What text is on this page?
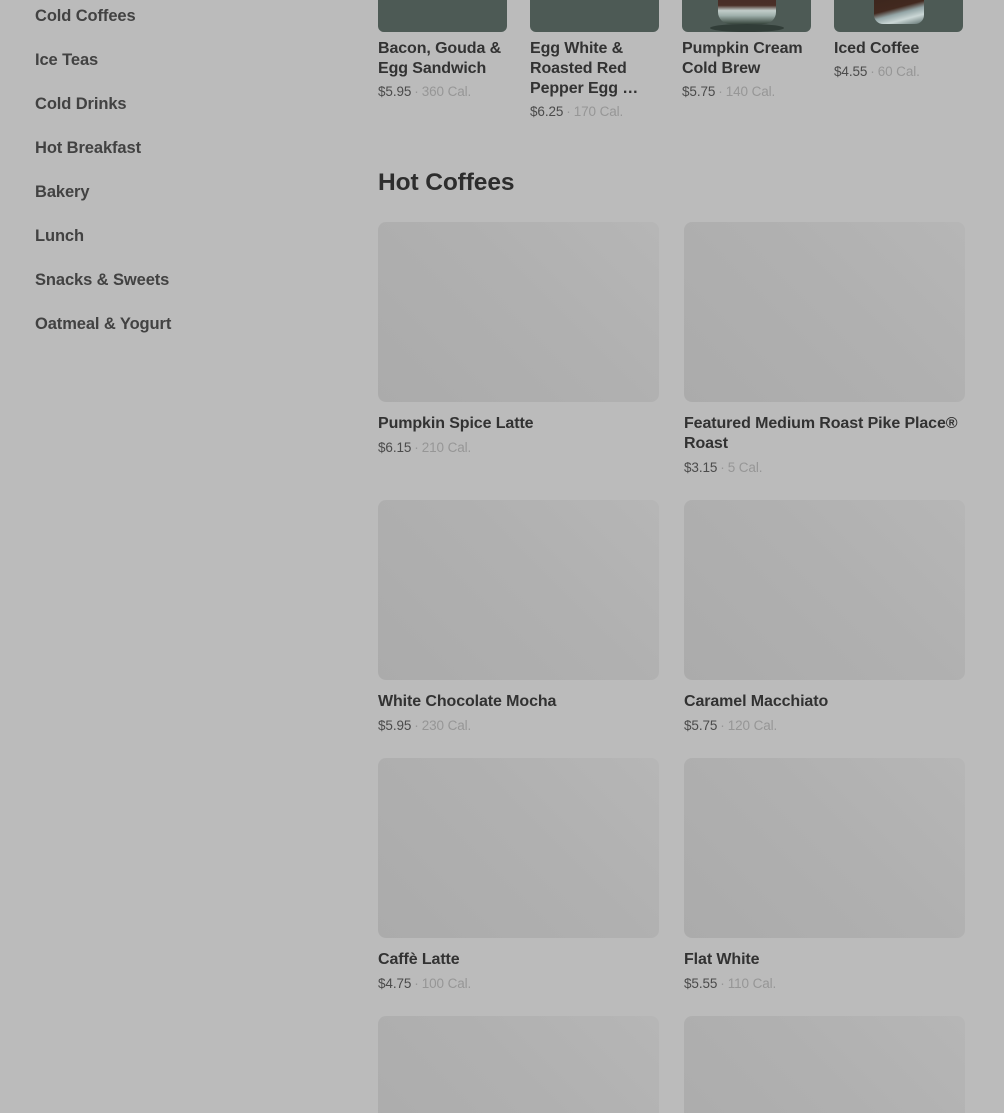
Cold Coffees
Ice Teas
Cold Drinks
Hot Breakfast
Bakery
Lunch
Snacks & Sweets
Oatmeal & Yogurt
Bacon, Gouda & Egg Sandwich
$5.95 · 360 Cal.
Egg White & Roasted Red Pepper Egg …
$6.25 · 170 Cal.
Pumpkin Cream Cold Brew
$5.75 · 140 Cal.
Iced Coffee
$4.55 · 60 Cal.
Hot Coffees
Pumpkin Spice Latte
$6.15 · 210 Cal.
Featured Medium Roast Pike Place® Roast
$3.15 · 5 Cal.
White Chocolate Mocha
$5.95 · 230 Cal.
Caramel Macchiato
$5.75 · 120 Cal.
Caffè Latte
$4.75 · 100 Cal.
Flat White
$5.55 · 110 Cal.
